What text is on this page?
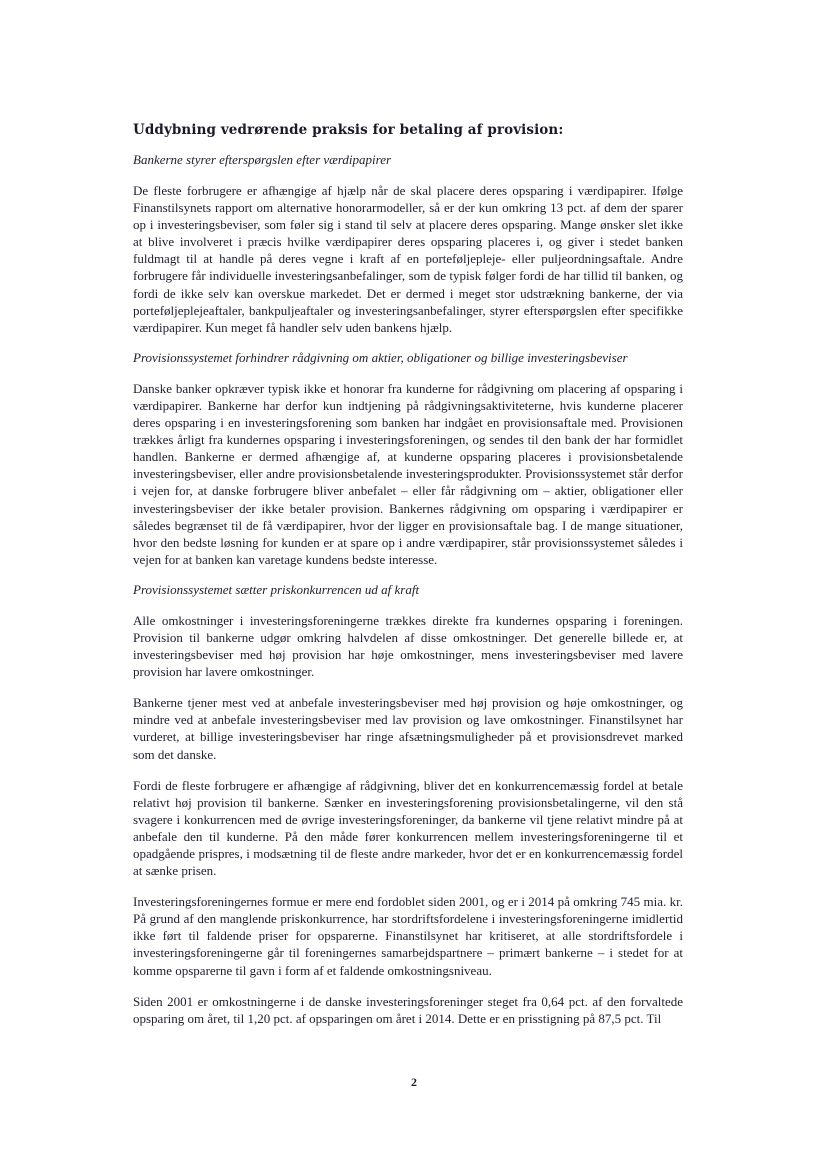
Uddybning vedrørende praksis for betaling af provision:
Bankerne styrer efterspørgslen efter værdipapirer

De fleste forbrugere er afhængige af hjælp når de skal placere deres opsparing i værdipapirer. Ifølge Finanstilsynets rapport om alternative honorarmodeller, så er der kun omkring 13 pct. af dem der sparer op i investeringsbeviser, som føler sig i stand til selv at placere deres opsparing. Mange ønsker slet ikke at blive involveret i præcis hvilke værdipapirer deres opsparing placeres i, og giver i stedet banken fuldmagt til at handle på deres vegne i kraft af en porteføljepleje- eller puljeordningsaftale. Andre forbrugere får individuelle investeringsanbefalinger, som de typisk følger fordi de har tillid til banken, og fordi de ikke selv kan overskue markedet. Det er dermed i meget stor udstrækning bankerne, der via porteføljeplejeaftaler, bankpuljeaftaler og investeringsanbefalinger, styrer efterspørgslen efter specifikke værdipapirer. Kun meget få handler selv uden bankens hjælp.

Provisionssystemet forhindrer rådgivning om aktier, obligationer og billige investeringsbeviser

Danske banker opkræver typisk ikke et honorar fra kunderne for rådgivning om placering af opsparing i værdipapirer. Bankerne har derfor kun indtjening på rådgivningsaktiviteterne, hvis kunderne placerer deres opsparing i en investeringsforening som banken har indgået en provisionsaftale med. Provisionen trækkes årligt fra kundernes opsparing i investeringsforeningen, og sendes til den bank der har formidlet handlen. Bankerne er dermed afhængige af, at kunderne opsparing placeres i provisionsbetalende investeringsbeviser, eller andre provisionsbetalende investeringsprodukter. Provisionssystemet står derfor i vejen for, at danske forbrugere bliver anbefalet – eller får rådgivning om – aktier, obligationer eller investeringsbeviser der ikke betaler provision. Bankernes rådgivning om opsparing i værdipapirer er således begrænset til de få værdipapirer, hvor der ligger en provisionsaftale bag. I de mange situationer, hvor den bedste løsning for kunden er at spare op i andre værdipapirer, står provisionssystemet således i vejen for at banken kan varetage kundens bedste interesse.

Provisionssystemet sætter priskonkurrencen ud af kraft

Alle omkostninger i investeringsforeningerne trækkes direkte fra kundernes opsparing i foreningen. Provision til bankerne udgør omkring halvdelen af disse omkostninger. Det generelle billede er, at investeringsbeviser med høj provision har høje omkostninger, mens investeringsbeviser med lavere provision har lavere omkostninger.

Bankerne tjener mest ved at anbefale investeringsbeviser med høj provision og høje omkostninger, og mindre ved at anbefale investeringsbeviser med lav provision og lave omkostninger. Finanstilsynet har vurderet, at billige investeringsbeviser har ringe afsætningsmuligheder på et provisionsdrevet marked som det danske.

Fordi de fleste forbrugere er afhængige af rådgivning, bliver det en konkurrencemæssig fordel at betale relativt høj provision til bankerne. Sænker en investeringsforening provisionsbetalingerne, vil den stå svagere i konkurrencen med de øvrige investeringsforeninger, da bankerne vil tjene relativt mindre på at anbefale den til kunderne. På den måde fører konkurrencen mellem investeringsforeningerne til et opadgående prispres, i modsætning til de fleste andre markeder, hvor det er en konkurrencemæssig fordel at sænke prisen.

Investeringsforeningernes formue er mere end fordoblet siden 2001, og er i 2014 på omkring 745 mia. kr. På grund af den manglende priskonkurrence, har stordriftsfordelene i investeringsforeningerne imidlertid ikke ført til faldende priser for opsparerne. Finanstilsynet har kritiseret, at alle stordriftsfordele i investeringsforeningerne går til foreningernes samarbejdspartnere – primært bankerne – i stedet for at komme opsparerne til gavn i form af et faldende omkostningsniveau.

Siden 2001 er omkostningerne i de danske investeringsforeninger steget fra 0,64 pct. af den forvaltede opsparing om året, til 1,20 pct. af opsparingen om året i 2014. Dette er en prisstigning på 87,5 pct. Til

2
